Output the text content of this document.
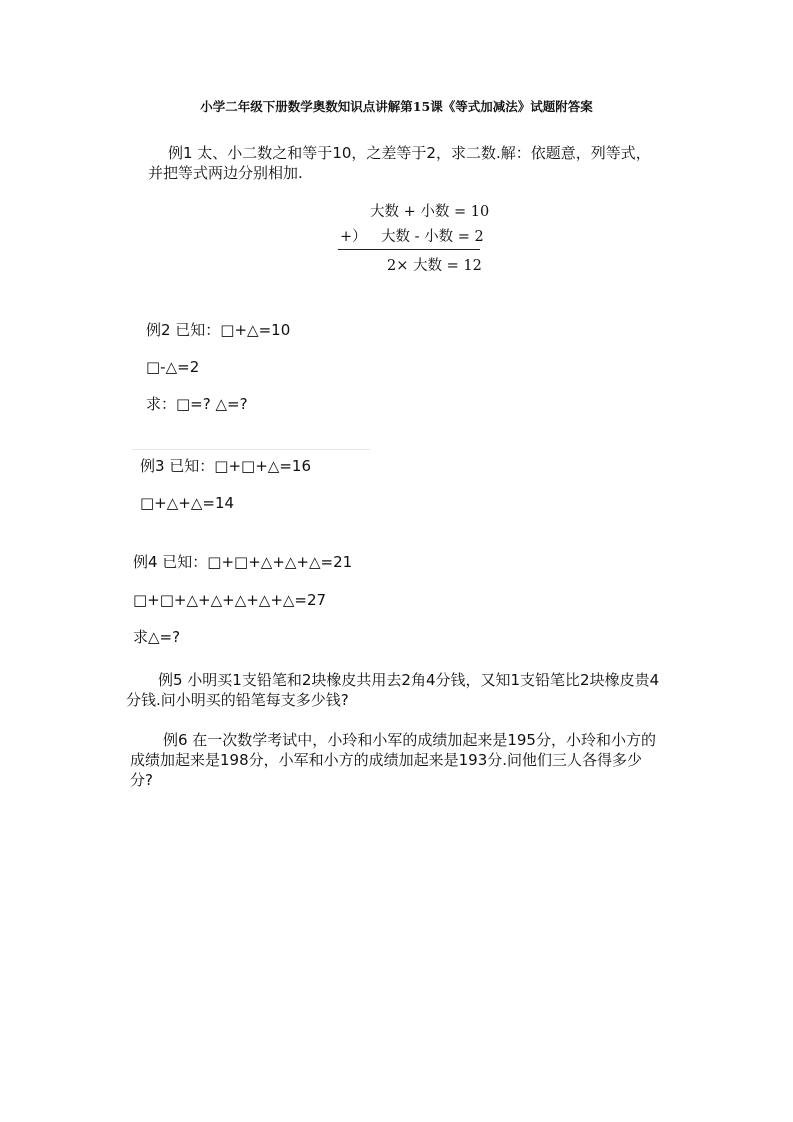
小学二年级下册数学奥数知识点讲解第15课《等式加减法》试题附答案
例1 太、小二数之和等于10，之差等于2，求二数.解：依题意，列等式，
并把等式两边分别相加.
大数 + 小数 = 10
+） 大数 - 小数 = 2
2× 大数 = 12
例2 已知：□+△=10
□-△=2
求：□=? △=?
例3 已知：□+□+△=16
□+△+△=14
例4 已知：□+□+△+△+△=21
□+□+△+△+△+△+△=27
求△=?
例5 小明买1支铅笔和2块橡皮共用去2角4分钱，又知1支铅笔比2块橡皮贵4
分钱.问小明买的铅笔每支多少钱?
例6 在一次数学考试中，小玲和小军的成绩加起来是195分，小玲和小方的
成绩加起来是198分，小军和小方的成绩加起来是193分.问他们三人各得多少
分?
